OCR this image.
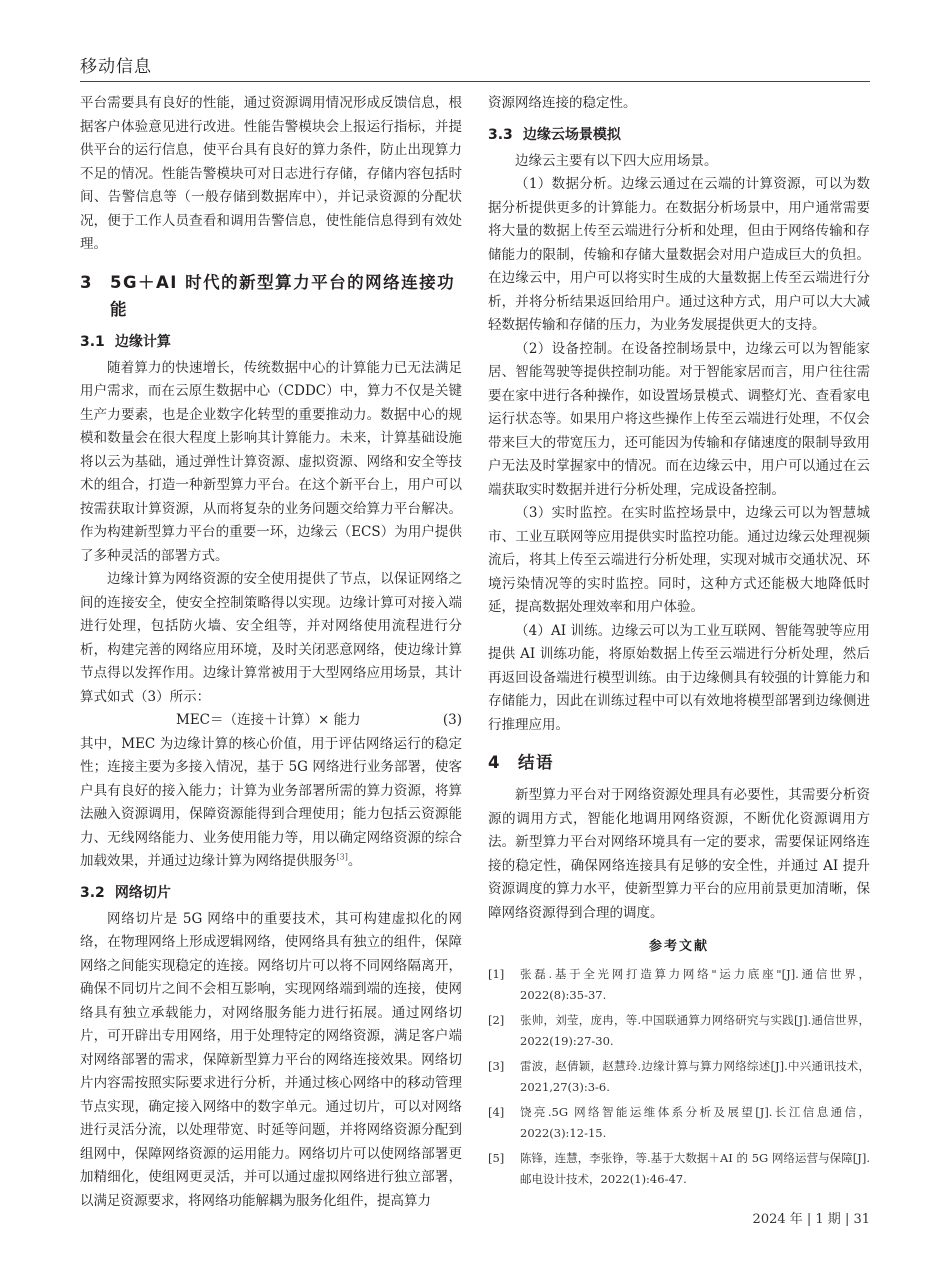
移动信息

平台需要具有良好的性能，通过资源调用情况形成反馈信息，根据客户体验意见进行改进。性能告警模块会上报运行指标，并提供平台的运行信息，使平台具有良好的算力条件，防止出现算力不足的情况。性能告警模块可对日志进行存储，存储内容包括时间、告警信息等（一般存储到数据库中），并记录资源的分配状况，便于工作人员查看和调用告警信息，使性能信息得到有效处理。

3	5G＋AI 时代的新型算力平台的网络连接功能
3.1 边缘计算

随着算力的快速增长，传统数据中心的计算能力已无法满足用户需求，而在云原生数据中心（CDDC）中，算力不仅是关键生产力要素，也是企业数字化转型的重要推动力。数据中心的规模和数量会在很大程度上影响其计算能力。未来，计算基础设施将以云为基础，通过弹性计算资源、虚拟资源、网络和安全等技术的组合，打造一种新型算力平台。在这个新平台上，用户可以按需获取计算资源，从而将复杂的业务问题交给算力平台解决。作为构建新型算力平台的重要一环，边缘云（ECS）为用户提供了多种灵活的部署方式。

边缘计算为网络资源的安全使用提供了节点，以保证网络之间的连接安全，使安全控制策略得以实现。边缘计算可对接入端进行处理，包括防火墙、安全组等，并对网络使用流程进行分析，构建完善的网络应用环境，及时关闭恶意网络，使边缘计算节点得以发挥作用。边缘计算常被用于大型网络应用场景，其计算式如式（3）所示：

MEC＝（连接＋计算）× 能力	(3)

其中，MEC 为边缘计算的核心价值，用于评估网络运行的稳定性；连接主要为多接入情况，基于 5G 网络进行业务部署，使客户具有良好的接入能力；计算为业务部署所需的算力资源，将算法融入资源调用，保障资源能得到合理使用；能力包括云资源能力、无线网络能力、业务使用能力等，用以确定网络资源的综合加载效果，并通过边缘计算为网络提供服务[3]。

3.2 网络切片

网络切片是 5G 网络中的重要技术，其可构建虚拟化的网络，在物理网络上形成逻辑网络，使网络具有独立的组件，保障网络之间能实现稳定的连接。网络切片可以将不同网络隔离开，确保不同切片之间不会相互影响，实现网络端到端的连接，使网络具有独立承载能力，对网络服务能力进行拓展。通过网络切片，可开辟出专用网络，用于处理特定的网络资源，满足客户端对网络部署的需求，保障新型算力平台的网络连接效果。网络切片内容需按照实际要求进行分析，并通过核心网络中的移动管理节点实现，确定接入网络中的数字单元。通过切片，可以对网络进行灵活分流，以处理带宽、时延等问题，并将网络资源分配到组网中，保障网络资源的运用能力。网络切片可以使网络部署更加精细化，使组网更灵活，并可以通过虚拟网络进行独立部署，以满足资源要求，将网络功能解耦为服务化组件，提高算力

资源网络连接的稳定性。

3.3 边缘云场景模拟

边缘云主要有以下四大应用场景。

（1）数据分析。边缘云通过在云端的计算资源，可以为数据分析提供更多的计算能力。在数据分析场景中，用户通常需要将大量的数据上传至云端进行分析和处理，但由于网络传输和存储能力的限制，传输和存储大量数据会对用户造成巨大的负担。在边缘云中，用户可以将实时生成的大量数据上传至云端进行分析，并将分析结果返回给用户。通过这种方式，用户可以大大减轻数据传输和存储的压力，为业务发展提供更大的支持。

（2）设备控制。在设备控制场景中，边缘云可以为智能家居、智能驾驶等提供控制功能。对于智能家居而言，用户往往需要在家中进行各种操作，如设置场景模式、调整灯光、查看家电运行状态等。如果用户将这些操作上传至云端进行处理，不仅会带来巨大的带宽压力，还可能因为传输和存储速度的限制导致用户无法及时掌握家中的情况。而在边缘云中，用户可以通过在云端获取实时数据并进行分析处理，完成设备控制。

（3）实时监控。在实时监控场景中，边缘云可以为智慧城市、工业互联网等应用提供实时监控功能。通过边缘云处理视频流后，将其上传至云端进行分析处理，实现对城市交通状况、环境污染情况等的实时监控。同时，这种方式还能极大地降低时延，提高数据处理效率和用户体验。

（4）AI 训练。边缘云可以为工业互联网、智能驾驶等应用提供 AI 训练功能，将原始数据上传至云端进行分析处理，然后再返回设备端进行模型训练。由于边缘侧具有较强的计算能力和存储能力，因此在训练过程中可以有效地将模型部署到边缘侧进行推理应用。

4	结语

新型算力平台对于网络资源处理具有必要性，其需要分析资源的调用方式，智能化地调用网络资源，不断优化资源调用方法。新型算力平台对网络环境具有一定的要求，需要保证网络连接的稳定性，确保网络连接具有足够的安全性，并通过 AI 提升资源调度的算力水平，使新型算力平台的应用前景更加清晰，保障网络资源得到合理的调度。

参考文献
[1]	张磊.基于全光网打造算力网络"运力底座"[J].通信世界，2022(8):35-37.
[2]	张帅，刘莹，庞冉，等.中国联通算力网络研究与实践[J].通信世界，2022(19):27-30.
[3]	雷波，赵倩颖，赵慧玲.边缘计算与算力网络综述[J].中兴通讯技术，2021,27(3):3-6.
[4]	饶亮.5G 网络智能运维体系分析及展望[J].长江信息通信，2022(3):12-15.
[5]	陈锋，连慧，李张铮，等.基于大数据＋AI 的 5G 网络运营与保障[J].邮电设计技术，2022(1):46-47.
2024 年 | 1 期 | 31
